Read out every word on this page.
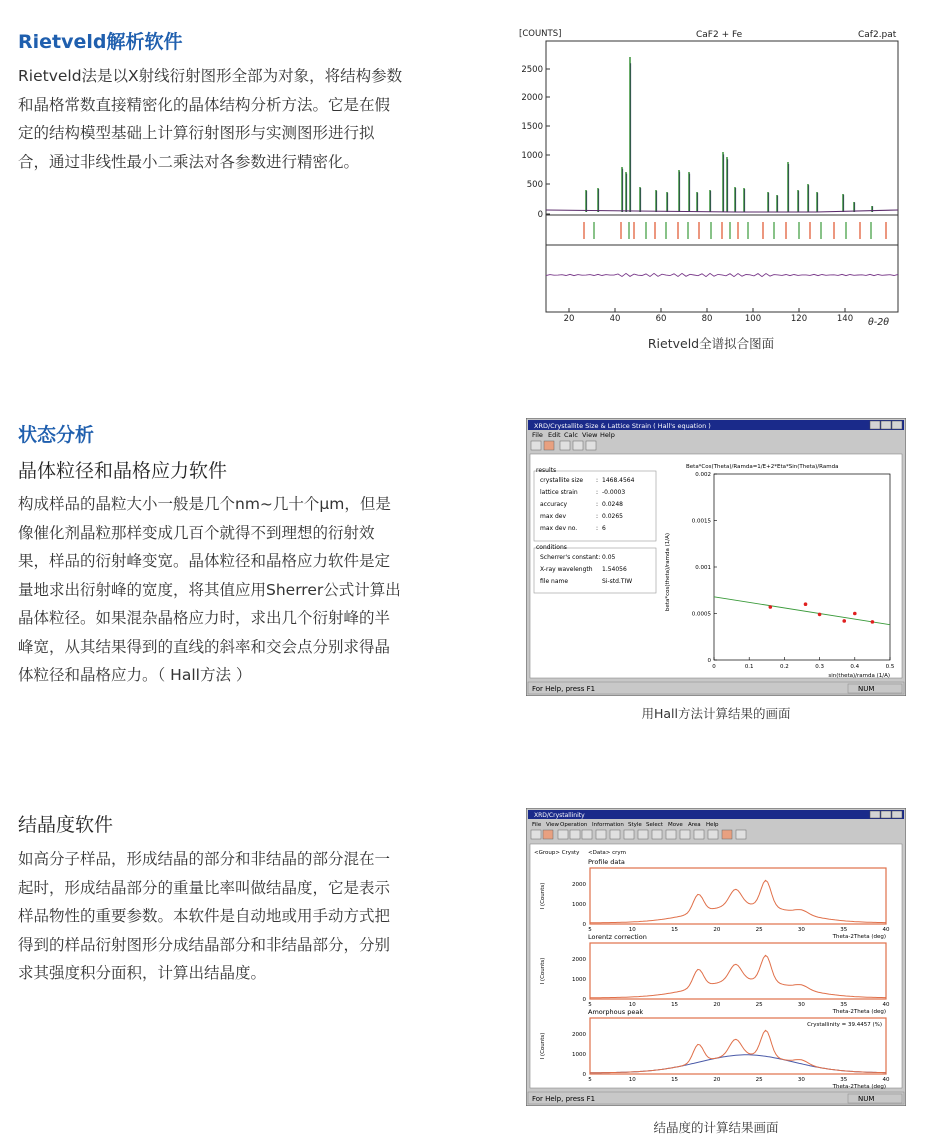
Rietveld解析软件
Rietveld法是以X射线衍射图形全部为对象，将结构参数
和晶格常数直接精密化的晶体结构分析方法。它是在假
定的结构模型基础上计算衍射图形与实测图形进行拟
合，通过非线性最小二乘法对各参数进行精密化。
[COUNTS]	CaF2 + Fe	Caf2.pat
2500
2000
1500
1000
500
0
20	40	60	80	100	120	140 θ-2θ
Rietveld全谱拟合图面
状态分析
晶体粒径和晶格应力软件
构成样品的晶粒大小一般是几个nm~几十个μm，但是
像催化剂晶粒那样变成几百个就得不到理想的衍射效
果，样品的衍射峰变宽。晶体粒径和晶格应力软件是定
量地求出衍射峰的宽度，将其值应用Sherrer公式计算出
晶体粒径。如果混杂晶格应力时，求出几个衍射峰的半
峰宽，从其结果得到的直线的斜率和交会点分别求得晶
体粒径和晶格应力。（ Hall方法 ）
XRD/Crystallite Size & Lattice Strain ( Hall's equation )
File Edit Calc View Help
results
crystallite size : 1468.4564
lattice strain	: -0.0003
accuracy	: 0.0248
max dev	: 0.0265
max dev no.	: 6
conditions
Scherrer's constant: 0.05
X-ray wavelength 1.54056
file name	Si-std.TIW
Beta*Cos(Theta)/Ramda=1/E+2*Eta*Sin(Theta)/Ramda
beta*cos(theta)/ramda (1/A)
0.002
0.0015
0.001
0.0005
0
0	0.1	0.2	0.3	0.4	0.5
sin(theta)/ramda (1/A)
For Help, press F1	NUM
用Hall方法计算结果的画面
结晶度软件
如高分子样品，形成结晶的部分和非结晶的部分混在一
起时，形成结晶部分的重量比率叫做结晶度，它是表示
样品物性的重要参数。本软件是自动地或用手动方式把
得到的样品衍射图形分成结晶部分和非结晶部分，分别
求其强度积分面积，计算出结晶度。
XRD/Crystallinity
File View Operation Information Style Select Move Area Help
<Group> Crysty <Data> crym
Profile data
I (Counts)	2000
1000
0
5	10	15	20	25	30	35	40
Theta-2Theta (deg)
Lorentz correction
I (Counts)	2000
1000
0
5	10	15	20	25	30	35	40
Theta-2Theta (deg)
Amorphous peak
I (Counts)	2000
1000
0
5	10	15	20	25	30	35	40
Theta-2Theta (deg)
Crystallinity = 39.4457 (%)
For Help, press F1	NUM
结晶度的计算结果画面
